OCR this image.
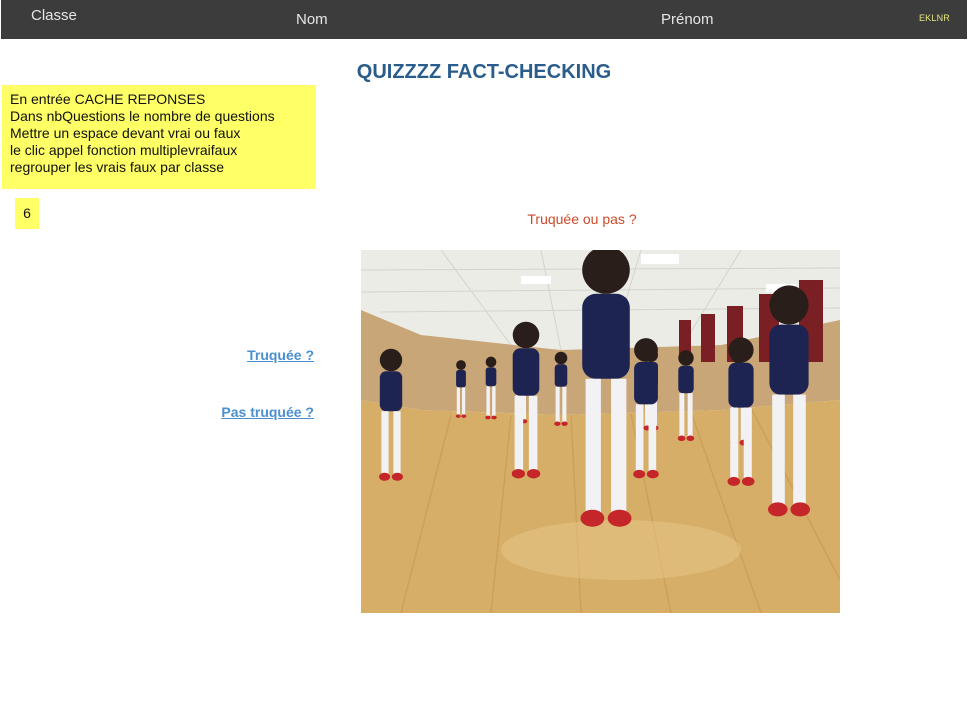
Classe	Nom	Prénom	EKLNR
QUIZZZZ FACT-CHECKING
En entrée CACHE REPONSES
Dans nbQuestions le nombre de questions
Mettre un espace devant vrai ou faux
le clic appel fonction multiplevraifaux
regrouper les vrais faux par classe
6	Truquée ou pas ?
Truquée ?
Pas truquée ?
